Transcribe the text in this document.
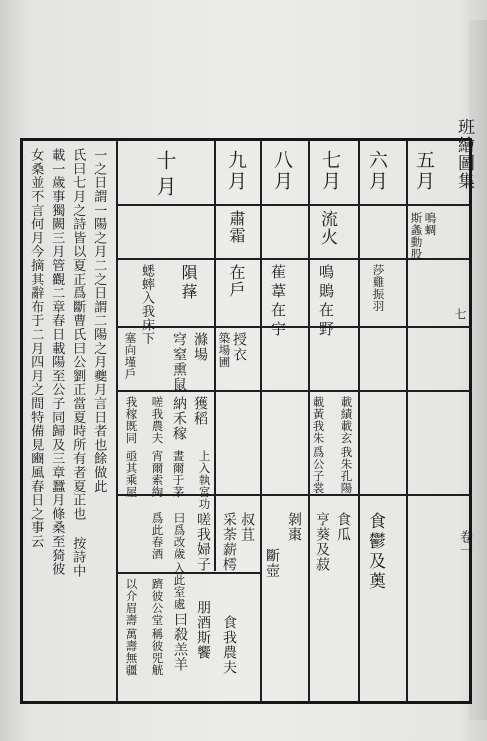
班繪圖集
卷一
七
五月
六月
七月
八月
九月
十月
鳴蜩
斯螽動股
流火
肅霜
莎雞振羽
鳴鵙在野
萑葦在宇
在戶
隕萚
蟋蟀入我床下
授衣
築場圃
滌場
穹窒熏鼠
塞向墐戶
載績載玄
我朱孔陽
載黃我朱
爲公子裳
獲稻
納禾稼
嗟我農夫
我稼既同
上入執宮功
晝爾于茅
宵爾索綯
亟其乘屋
食鬱及薁
食瓜
亨葵及菽
剝棗
斷壺
叔苴
采荼薪樗
食我農夫
嗟我婦子
曰爲改歲
入此室處
朋酒斯饗
曰殺羔羊
躋彼公堂
稱彼兕觥
萬壽無疆
爲此春酒
以介眉壽
一之日謂一陽之月二之日謂二陽之月夔月言日者也餘做此
氏曰七月之詩皆以夏正爲斷曹氏曰公劉正當夏時所有者夏正也 按詩中
載一歲事獨闕三月管觀二章春日載陽至公子同歸及三章蠶月條桑至猗彼
女桑並不言何月今摘其辭布于二月四月之間特備見豳風春日之事云
